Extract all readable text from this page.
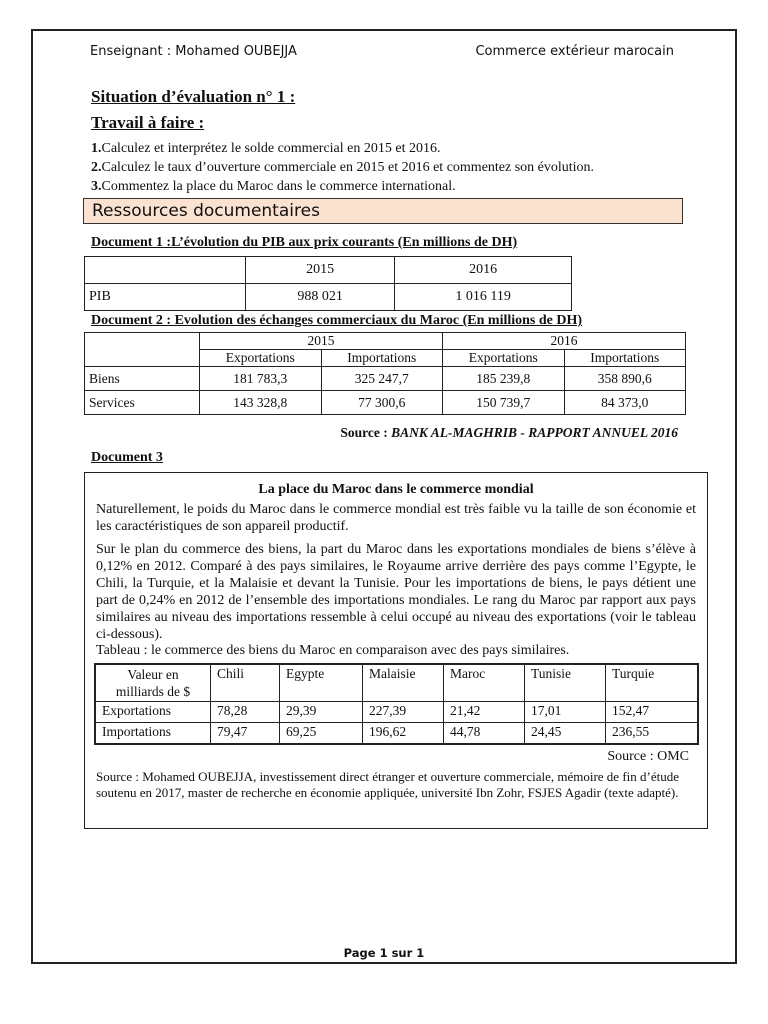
Enseignant : Mohamed OUBEJJA	Commerce extérieur marocain
Situation d’évaluation n° 1 :
Travail à faire :
1.Calculez et interprétez le solde commercial en 2015 et 2016.
2.Calculez le taux d’ouverture commerciale en 2015 et 2016 et commentez son évolution.
3.Commentez la place du Maroc dans le commerce international.
Ressources documentaires
Document 1 :L’évolution du PIB aux prix courants (En millions de DH)
	2015	2016
PIB	988 021	1 016 119
Document 2 : Evolution des échanges commerciaux du Maroc (En millions de DH)
	2015		2016	
	Exportations	Importations	Exportations	Importations
Biens	181 783,3	325 247,7	185 239,8	358 890,6
Services	143 328,8	77 300,6	150 739,7	84 373,0
Source : BANK AL-MAGHRIB - RAPPORT ANNUEL 2016
Document 3
La place du Maroc dans le commerce mondial
Naturellement, le poids du Maroc dans le commerce mondial est très faible vu la taille de son économie et les caractéristiques de son appareil productif.
Sur le plan du commerce des biens, la part du Maroc dans les exportations mondiales de biens s’élève à 0,12% en 2012. Comparé à des pays similaires, le Royaume arrive derrière des pays comme l’Egypte, le Chili, la Turquie, et la Malaisie et devant la Tunisie. Pour les importations de biens, le pays détient une part de 0,24% en 2012 de l’ensemble des importations mondiales. Le rang du Maroc par rapport aux pays similaires au niveau des importations ressemble à celui occupé au niveau des exportations (voir le tableau ci-dessous).
Tableau : le commerce des biens du Maroc en comparaison avec des pays similaires.
Valeur en
milliards de $	Chili	Egypte	Malaisie	Maroc	Tunisie	Turquie
Exportations	78,28	29,39	227,39	21,42	17,01	152,47
Importations	79,47	69,25	196,62	44,78	24,45	236,55
Source : OMC
Source : Mohamed OUBEJJA, investissement direct étranger et ouverture commerciale, mémoire de fin d’étude soutenu en 2017, master de recherche en économie appliquée, université Ibn Zohr, FSJES Agadir (texte adapté).
Page 1 sur 1
